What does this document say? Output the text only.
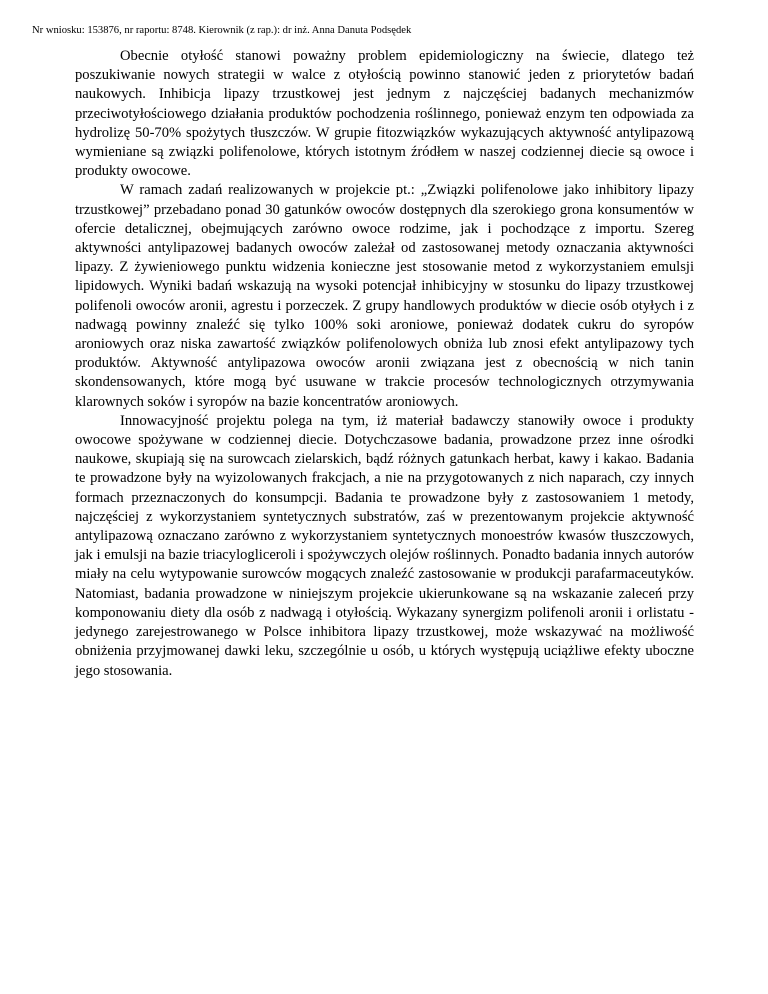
Nr wniosku: 153876, nr raportu: 8748. Kierownik (z rap.): dr inż. Anna Danuta Podsędek

Obecnie otyłość stanowi poważny problem epidemiologiczny na świecie, dlatego też poszukiwanie nowych strategii w walce z otyłością powinno stanowić jeden z priorytetów badań naukowych. Inhibicja lipazy trzustkowej jest jednym z najczęściej badanych mechanizmów przeciwotyłościowego działania produktów pochodzenia roślinnego, ponieważ enzym ten odpowiada za hydrolizę 50-70% spożytych tłuszczów. W grupie fitozwiązków wykazujących aktywność antylipazową wymieniane są związki polifenolowe, których istotnym źródłem w naszej codziennej diecie są owoce i produkty owocowe.

W ramach zadań realizowanych w projekcie pt.: „Związki polifenolowe jako inhibitory lipazy trzustkowej” przebadano ponad 30 gatunków owoców dostępnych dla szerokiego grona konsumentów w ofercie detalicznej, obejmujących zarówno owoce rodzime, jak i pochodzące z importu. Szereg aktywności antylipazowej badanych owoców zależał od zastosowanej metody oznaczania aktywności lipazy. Z żywieniowego punktu widzenia konieczne jest stosowanie metod z wykorzystaniem emulsji lipidowych. Wyniki badań wskazują na wysoki potencjał inhibicyjny w stosunku do lipazy trzustkowej polifenoli owoców aronii, agrestu i porzeczek. Z grupy handlowych produktów w diecie osób otyłych i z nadwagą powinny znaleźć się tylko 100% soki aroniowe, ponieważ dodatek cukru do syropów aroniowych oraz niska zawartość związków polifenolowych obniża lub znosi efekt antylipazowy tych produktów. Aktywność antylipazowa owoców aronii związana jest z obecnością w nich tanin skondensowanych, które mogą być usuwane w trakcie procesów technologicznych otrzymywania klarownych soków i syropów na bazie koncentratów aroniowych.

Innowacyjność projektu polega na tym, iż materiał badawczy stanowiły owoce i produkty owocowe spożywane w codziennej diecie. Dotychczasowe badania, prowadzone przez inne ośrodki naukowe, skupiają się na surowcach zielarskich, bądź różnych gatunkach herbat, kawy i kakao. Badania te prowadzone były na wyizolowanych frakcjach, a nie na przygotowanych z nich naparach, czy innych formach przeznaczonych do konsumpcji. Badania te prowadzone były z zastosowaniem 1 metody, najczęściej z wykorzystaniem syntetycznych substratów, zaś w prezentowanym projekcie aktywność antylipazową oznaczano zarówno z wykorzystaniem syntetycznych monoestrów kwasów tłuszczowych, jak i emulsji na bazie triacylogliceroli i spożywczych olejów roślinnych. Ponadto badania innych autorów miały na celu wytypowanie surowców mogących znaleźć zastosowanie w produkcji parafarmaceutyków. Natomiast, badania prowadzone w niniejszym projekcie ukierunkowane są na wskazanie zaleceń przy komponowaniu diety dla osób z nadwagą i otyłością. Wykazany synergizm polifenoli aronii i orlistatu - jedynego zarejestrowanego w Polsce inhibitora lipazy trzustkowej, może wskazywać na możliwość obniżenia przyjmowanej dawki leku, szczególnie u osób, u których występują uciążliwe efekty uboczne jego stosowania.
